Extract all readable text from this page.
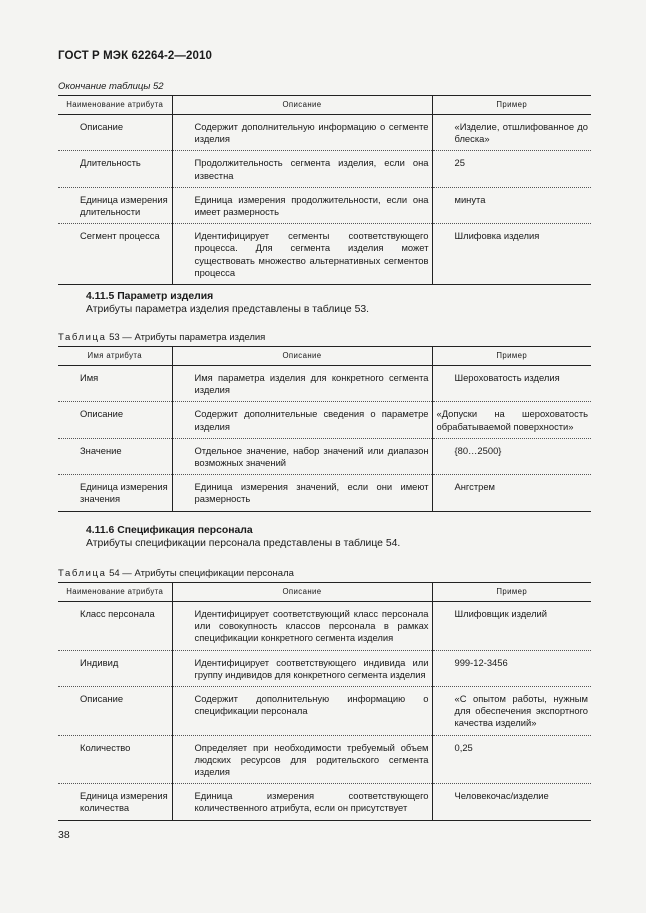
ГОСТ Р МЭК 62264-2—2010
Окончание таблицы 52
Наименование атрибута	Описание	Пример

Описание	Содержит дополнительную информацию о сегменте изделия	«Изделие, отшлифованное до блеска»

Длительность	Продолжительность сегмента изделия, если она известна	25

Единица измерения длительности	Единица измерения продолжительности, если она имеет размерность	минута

Сегмент процесса	Идентифицирует сегменты соответствующего процесса. Для сегмента изделия может существовать множество альтернативных сегментов процесса	Шлифовка изделия
4.11.5 Параметр изделия
Атрибуты параметра изделия представлены в таблице 53.
Таблица 53 — Атрибуты параметра изделия
Имя атрибута	Описание	Пример

Имя	Имя параметра изделия для конкретного сегмента изделия	Шероховатость изделия

Описание	Содержит дополнительные сведения о параметре изделия	«Допуски на шероховатость обрабатываемой поверхности»

Значение	Отдельное значение, набор значений или диапазон возможных значений	{80…2500}

Единица измерения значения	Единица измерения значений, если они имеют размерность	Ангстрем
4.11.6 Спецификация персонала
Атрибуты спецификации персонала представлены в таблице 54.
Таблица 54 — Атрибуты спецификации персонала
Наименование атрибута	Описание	Пример

Класс персонала	Идентифицирует соответствующий класс персонала или совокупность классов персонала в рамках спецификации конкретного сегмента изделия	Шлифовщик изделий

Индивид	Идентифицирует соответствующего индивида или группу индивидов для конкретного сегмента изделия	999-12-3456

Описание	Содержит дополнительную информацию о спецификации персонала	«С опытом работы, нужным для обеспечения экспортного качества изделий»

Количество	Определяет при необходимости требуемый объем людских ресурсов для родительского сегмента изделия	0,25

Единица измерения количества	Единица измерения соответствующего количественного атрибута, если он присутствует	Человекочас/изделие
38
